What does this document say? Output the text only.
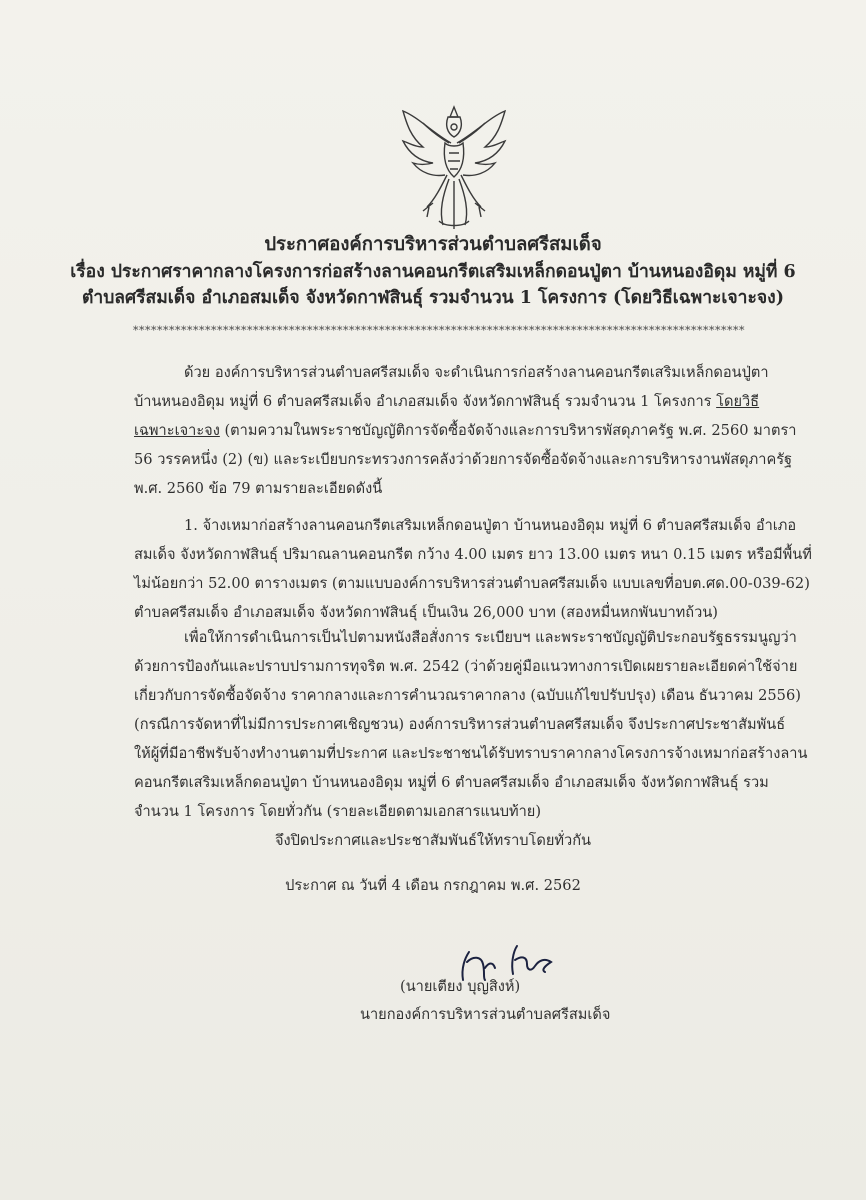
ประกาศองค์การบริหารส่วนตำบลศรีสมเด็จ
เรื่อง ประกาศราคากลางโครงการก่อสร้างลานคอนกรีตเสริมเหล็กดอนปู่ตา บ้านหนองอิดุม หมู่ที่ 6
ตำบลศรีสมเด็จ อำเภอสมเด็จ จังหวัดกาฬสินธุ์ รวมจำนวน 1 โครงการ (โดยวิธีเฉพาะเจาะจง)
******************************************************************************************************
ด้วย องค์การบริหารส่วนตำบลศรีสมเด็จ จะดำเนินการก่อสร้างลานคอนกรีตเสริมเหล็กดอนปู่ตา
บ้านหนองอิดุม หมู่ที่ 6 ตำบลศรีสมเด็จ อำเภอสมเด็จ จังหวัดกาฬสินธุ์ รวมจำนวน 1 โครงการ โดยวิธี
เฉพาะเจาะจง (ตามความในพระราชบัญญัติการจัดซื้อจัดจ้างและการบริหารพัสดุภาครัฐ พ.ศ. 2560 มาตรา
56 วรรคหนึ่ง (2) (ข) และระเบียบกระทรวงการคลังว่าด้วยการจัดซื้อจัดจ้างและการบริหารงานพัสดุภาครัฐ
พ.ศ. 2560 ข้อ 79 ตามรายละเอียดดังนี้
1. จ้างเหมาก่อสร้างลานคอนกรีตเสริมเหล็กดอนปู่ตา บ้านหนองอิดุม หมู่ที่ 6 ตำบลศรีสมเด็จ อำเภอ
สมเด็จ จังหวัดกาฬสินธุ์ ปริมาณลานคอนกรีต กว้าง 4.00 เมตร ยาว 13.00 เมตร หนา 0.15 เมตร หรือมีพื้นที่
ไม่น้อยกว่า 52.00 ตารางเมตร (ตามแบบองค์การบริหารส่วนตำบลศรีสมเด็จ แบบเลขที่อบต.ศด.00-039-62)
ตำบลศรีสมเด็จ อำเภอสมเด็จ จังหวัดกาฬสินธุ์ เป็นเงิน 26,000 บาท (สองหมื่นหกพันบาทถ้วน)
เพื่อให้การดำเนินการเป็นไปตามหนังสือสั่งการ ระเบียบฯ และพระราชบัญญัติประกอบรัฐธรรมนูญว่า
ด้วยการป้องกันและปราบปรามการทุจริต พ.ศ. 2542 (ว่าด้วยคู่มือแนวทางการเปิดเผยรายละเอียดค่าใช้จ่าย
เกี่ยวกับการจัดซื้อจัดจ้าง ราคากลางและการคำนวณราคากลาง (ฉบับแก้ไขปรับปรุง) เดือน ธันวาคม 2556)
(กรณีการจัดหาที่ไม่มีการประกาศเชิญชวน) องค์การบริหารส่วนตำบลศรีสมเด็จ จึงประกาศประชาสัมพันธ์
ให้ผู้ที่มีอาชีพรับจ้างทำงานตามที่ประกาศ และประชาชนได้รับทราบราคากลางโครงการจ้างเหมาก่อสร้างลาน
คอนกรีตเสริมเหล็กดอนปู่ตา บ้านหนองอิดุม หมู่ที่ 6 ตำบลศรีสมเด็จ อำเภอสมเด็จ จังหวัดกาฬสินธุ์ รวม
จำนวน 1 โครงการ โดยทั่วกัน (รายละเอียดตามเอกสารแนบท้าย)
จึงปิดประกาศและประชาสัมพันธ์ให้ทราบโดยทั่วกัน
ประกาศ ณ วันที่ 4 เดือน กรกฎาคม พ.ศ. 2562
(นายเตียง บุญสิงห์)
นายกองค์การบริหารส่วนตำบลศรีสมเด็จ
